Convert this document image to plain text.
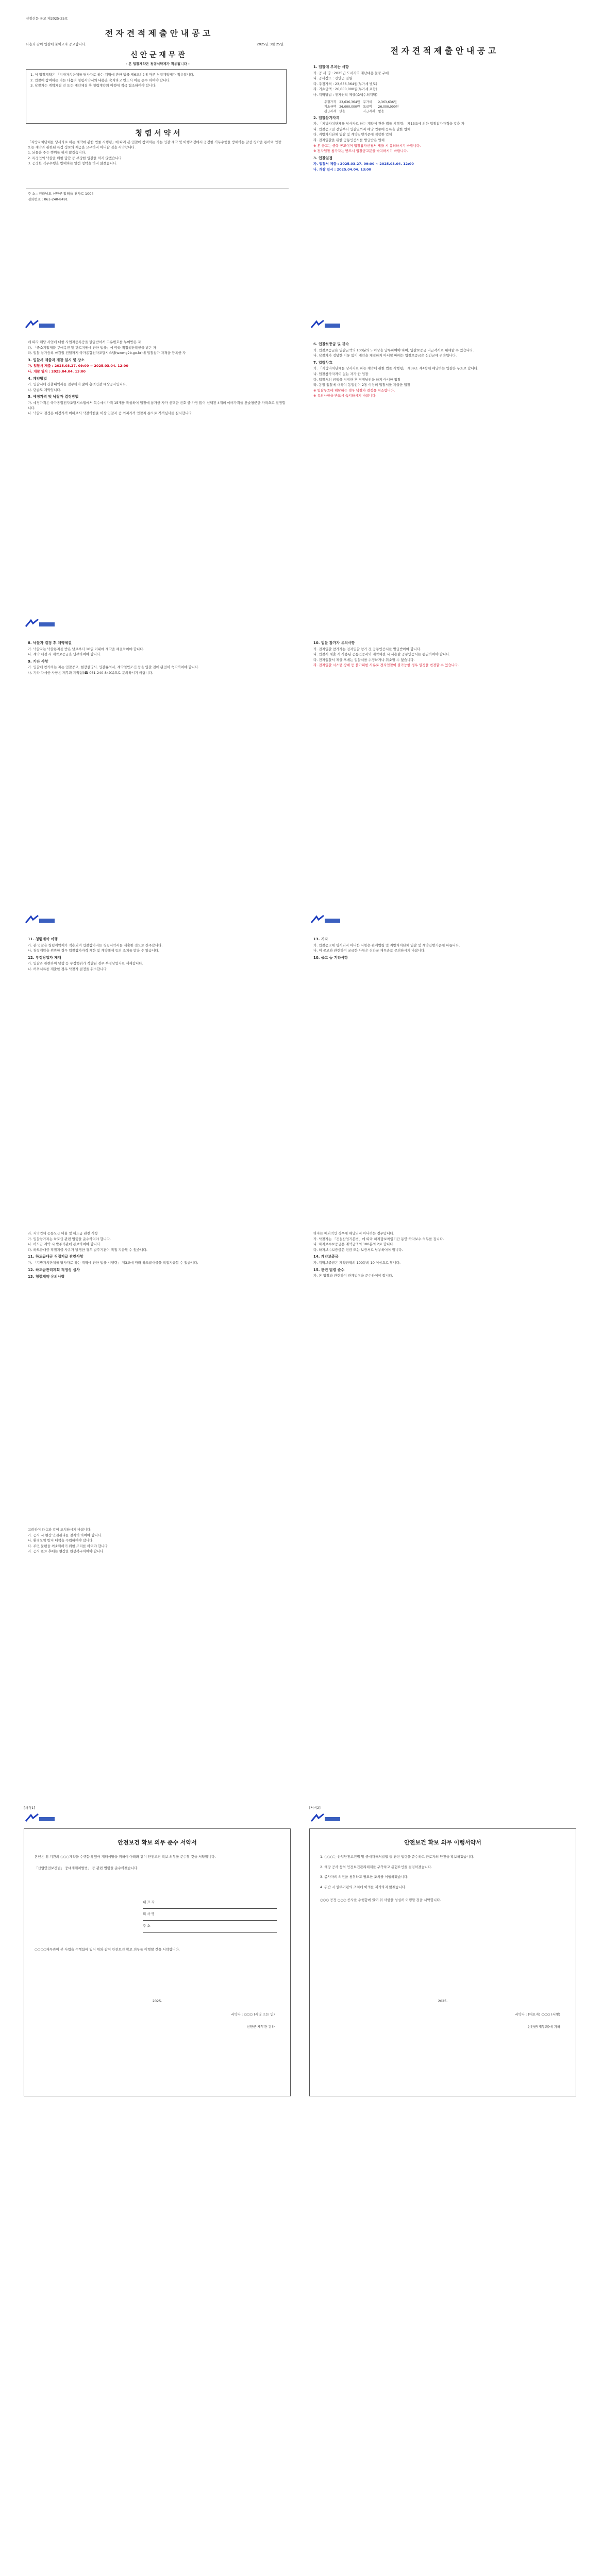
선정신문 공고 제2025-25호

전 자 견 적 제 출 안 내 공 고
다음과 같이 입찰에 붙이고자 공고합니다.	2025년 3월 25일
신 안 군 재 무 관
- 본 입찰계약은 청렴서약제가 적용됩니다 -

1. 이 입찰계약은 「지방자치단체를 당사자로 하는 계약에 관한 법률 제6조의2에 따른 청렴계약제가 적용됩니다.

2. 입찰에 참여하는 자는 다음의 청렴서약서의 내용을 숙지하고 반드시 이를 준수 하여야 합니다.

3. 낙찰자는 계약체결 전 또는 계약체결 후 청렴계약의 이행에 적극 협조하여야 합니다.

청 렴 서 약 서

「지방자치단체를 당사자로 하는 계약에 관한 법률 시행령」에 따라 본 입찰에 참여하는 자는 입찰·계약 및 이행과정에서 공정한 직무수행을 방해하는 알선·청탁을 통하여 입찰 또는 계약과 관련된 특정 정보의 제공을 요구하지 아니할 것을 서약합니다.

1. 뇌물을 주는 행위를 하지 않겠습니다.

2. 특정인의 낙찰을 위한 담합 등 부당한 입찰을 하지 않겠습니다.

3. 공정한 직무수행을 방해하는 알선·청탁을 하지 않겠습니다.

주 소 : 전라남도 신안군 압해읍 천사로 1004

전화번호 : 061-240-8491

전 자 견 적 제 출 안 내 공 고
1. 입찰에 부치는 사항

가. 공 사 명 : 2025년 도서지역 재난대응 물품 구매

나. 공사장소 : 신안군 일원

다. 추정가격 : 23,636,364원(부가세 별도)

라. 기초금액 : 26,000,000원(부가세 포함)

마. 계약방법 : 전자견적 제출(소액수의계약)

추정가격	23,636,364원	부가세	2,363,636원
기초금액	26,000,000원	도급액	26,000,000원
관급자재	없음	사급자재	없음
2. 입찰참가자격

가. 「지방자치단체를 당사자로 하는 계약에 관한 법률 시행령」 제13조에 의한 입찰참가자격을 갖춘 자

나. 입찰공고일 전일부터 입찰일까지 해당 업종에 등록을 필한 업체

다. 지방자치단체 입찰 및 계약집행기준에 적합한 업체

라. 전자입찰을 위한 공동인증서를 발급받은 업체

※ 본 공고는 중복 공고이며 입찰참가신청서 제출 시 유의하시기 바랍니다.

※ 전자입찰 참가자는 반드시 입찰공고문을 숙지하시기 바랍니다.

3. 입찰일정

가. 입찰서 제출 : 2025.03.27. 09:00 ~ 2025.03.04. 12:00

나. 개찰 일시 : 2025.04.04. 13:00

에 따라 해당 사업에 대한 사업자등록증을 발급받아서 고유번호를 부여받은 자

다. 「중소기업제품 구매촉진 및 판로지원에 관한 법률」에 따라 직접생산확인을 받은 자

라. 입찰 참가등록 마감일 전일까지 국가종합전자조달시스템(www.g2b.go.kr)에 입찰참가 자격을 등록한 자

3. 입찰서 제출과 개찰 일시 및 장소

가. 입찰서 제출 : 2025.03.27. 09:00 ~ 2025.03.04. 12:00

나. 개찰 일시 : 2025.04.04. 13:00

4. 계약방법

가. 입찰서에 산출내역서를 첨부하지 않아 총액입찰 대상공사입니다.

나. 단순도 계약입니다.

5. 예정가격 및 낙찰자 결정방법

가. 예정가격은 국가종합전자조달시스템에서 복수예비가격 15개를 작성하여 입찰에 참가한 자가 선택한 번호 중 가장 많이 선택된 4개의 예비가격을 산술평균한 가격으로 결정합니다.

나. 낙찰자 결정은 예정가격 이하로서 낙찰하한율 이상 입찰자 중 최저가격 입찰자 순으로 적격심사를 실시합니다.

6. 입찰보증금 및 귀속

가. 입찰보증금은 입찰금액의 100분의 5 이상을 납부하여야 하며, 입찰보증금 지급각서로 대체할 수 있습니다.

나. 낙찰자가 정당한 이유 없이 계약을 체결하지 아니할 때에는 입찰보증금은 신안군에 귀속됩니다.

7. 입찰무효

가. 「지방자치단체를 당사자로 하는 계약에 관한 법률 시행령」 제39조 제4항에 해당하는 입찰은 무효로 합니다.

나. 입찰참가자격이 없는 자가 한 입찰

다. 입찰서의 금액을 정정한 후 정정날인을 하지 아니한 입찰

라. 동일 입찰에 대하여 동일인이 2통 이상의 입찰서를 제출한 입찰

※ 입찰무효에 해당하는 경우 낙찰자 결정을 취소합니다.

※ 유의사항을 반드시 숙지하시기 바랍니다.

8. 낙찰자 결정 후 계약체결

가. 낙찰자는 낙찰통지를 받은 날로부터 10일 이내에 계약을 체결하여야 합니다.

나. 계약 체결 시 계약보증금을 납부하여야 합니다.

9. 기타 사항

가. 입찰에 참가하는 자는 입찰공고, 현장설명서, 입찰유의서, 계약일반조건 등을 입찰 전에 완전히 숙지하여야 합니다.

나. 기타 자세한 사항은 재무과 계약팀(☎ 061-240-8491)으로 문의하시기 바랍니다.

10. 입찰 참가자 유의사항

가. 전자입찰 참가자는 전자입찰 참가 전 공동인증서를 발급받아야 합니다.

나. 입찰서 제출 시 사용된 공동인증서와 계약체결 시 사용할 공동인증서는 동일하여야 합니다.

다. 전자입찰서 제출 후에는 입찰서를 수정하거나 취소할 수 없습니다.

라. 전자입찰 시스템 장애 등 불가피한 사유로 전자입찰이 불가능한 경우 일정을 변경할 수 있습니다.

11. 청렴계약 이행

가. 본 입찰은 청렴계약제가 적용되며 입찰참가자는 청렴서약서를 제출한 것으로 간주합니다.

나. 청렴계약을 위반한 경우 입찰참가자격 제한 및 계약해제 등의 조치를 받을 수 있습니다.

12. 부정당업자 제재

가. 입찰과 관련하여 담합 등 부정행위가 적발된 경우 부정당업자로 제재합니다.

나. 허위서류를 제출한 경우 낙찰자 결정을 취소합니다.

13. 기타

가. 입찰공고에 명시되지 아니한 사항은 관계법령 및 지방자치단체 입찰 및 계약집행기준에 따릅니다.

나. 이 공고와 관련하여 궁금한 사항은 신안군 재무과로 문의하시기 바랍니다.

10. 공고 등 기타사항

라. 지역업체 공동도급 비율 및 하도급 관련 사항

가. 입찰참가자는 하도급 관련 법령을 준수하여야 합니다.

나. 하도급 계약 시 발주기관에 통보하여야 합니다.

다. 하도급대금 직접지급 사유가 발생한 경우 발주기관이 직접 지급할 수 있습니다.

11. 하도급대금 직접지급 관련사항

가. 「지방자치단체를 당사자로 하는 계약에 관한 법률 시행령」 제3조에 따라 하도급대금을 직접지급할 수 있습니다.

12. 하도급관리계획 적정성 심사
13. 청렴계약 유의사항

하자는 예외적인 경우에 해당되지 아니하는 경우입니다.

가. 낙찰자는 「건설산업기본법」에 따라 하자담보책임기간 동안 하자보수 의무를 집니다.

나. 하자보수보증금은 계약금액의 100분의 2로 합니다.

다. 하자보수보증금은 현금 또는 보증서로 납부하여야 합니다.

14. 계약보증금

가. 계약보증금은 계약금액의 100분의 10 이상으로 합니다.

15. 관련 법령 준수

가. 본 입찰과 관련하여 관계법령을 준수하여야 합니다.

고려하여 다음과 같이 조치하시기 바랍니다.

가. 공사 시 현장 안전관리를 철저히 하여야 합니다.

나. 환경오염 방지 대책을 수립하여야 합니다.

다. 주민 불편을 최소화하기 위한 조치를 하여야 합니다.

라. 공사 완료 후에는 현장을 원상복구하여야 합니다.

[서식1]
안전보건 확보 의무 준수 서약서

본인은 위 기관의 ○○○계약을 수행함에 있어 재해예방을 위하여 아래와 같이 안전보건 확보 의무를 준수할 것을 서약합니다.

「산업안전보건법」 중대재해처벌법」 등 관련 법령을 준수하겠습니다.

대 표 자
회 사 명
주 소

○○○○재무관이 본 사업을 수행함에 있어 위와 같이 안전보건 확보 의무를 이행할 것을 서약합니다.

2025.
서약자 : ○○○ (서명 또는 인)
신안군 재무관 귀하
[서식2]
안전보건 확보 의무 이행서약서

1. ○○○는 산업안전보건법 및 중대재해처벌법 등 관련 법령을 준수하고 근로자의 안전을 확보하겠습니다.

2. 해당 공사 등의 안전보건관리체계를 구축하고 위험요인을 점검하겠습니다.

3. 종사자의 의견을 청취하고 필요한 조치를 이행하겠습니다.

4. 위반 시 발주기관의 조치에 이의를 제기하지 않겠습니다.

○○○ 공정 ○○○ 공사를 수행함에 있어 위 사항을 성실히 이행할 것을 서약합니다.

2025.
서약자 : (대표자) ○○○ (서명)
신안군(재무과)에 귀하
